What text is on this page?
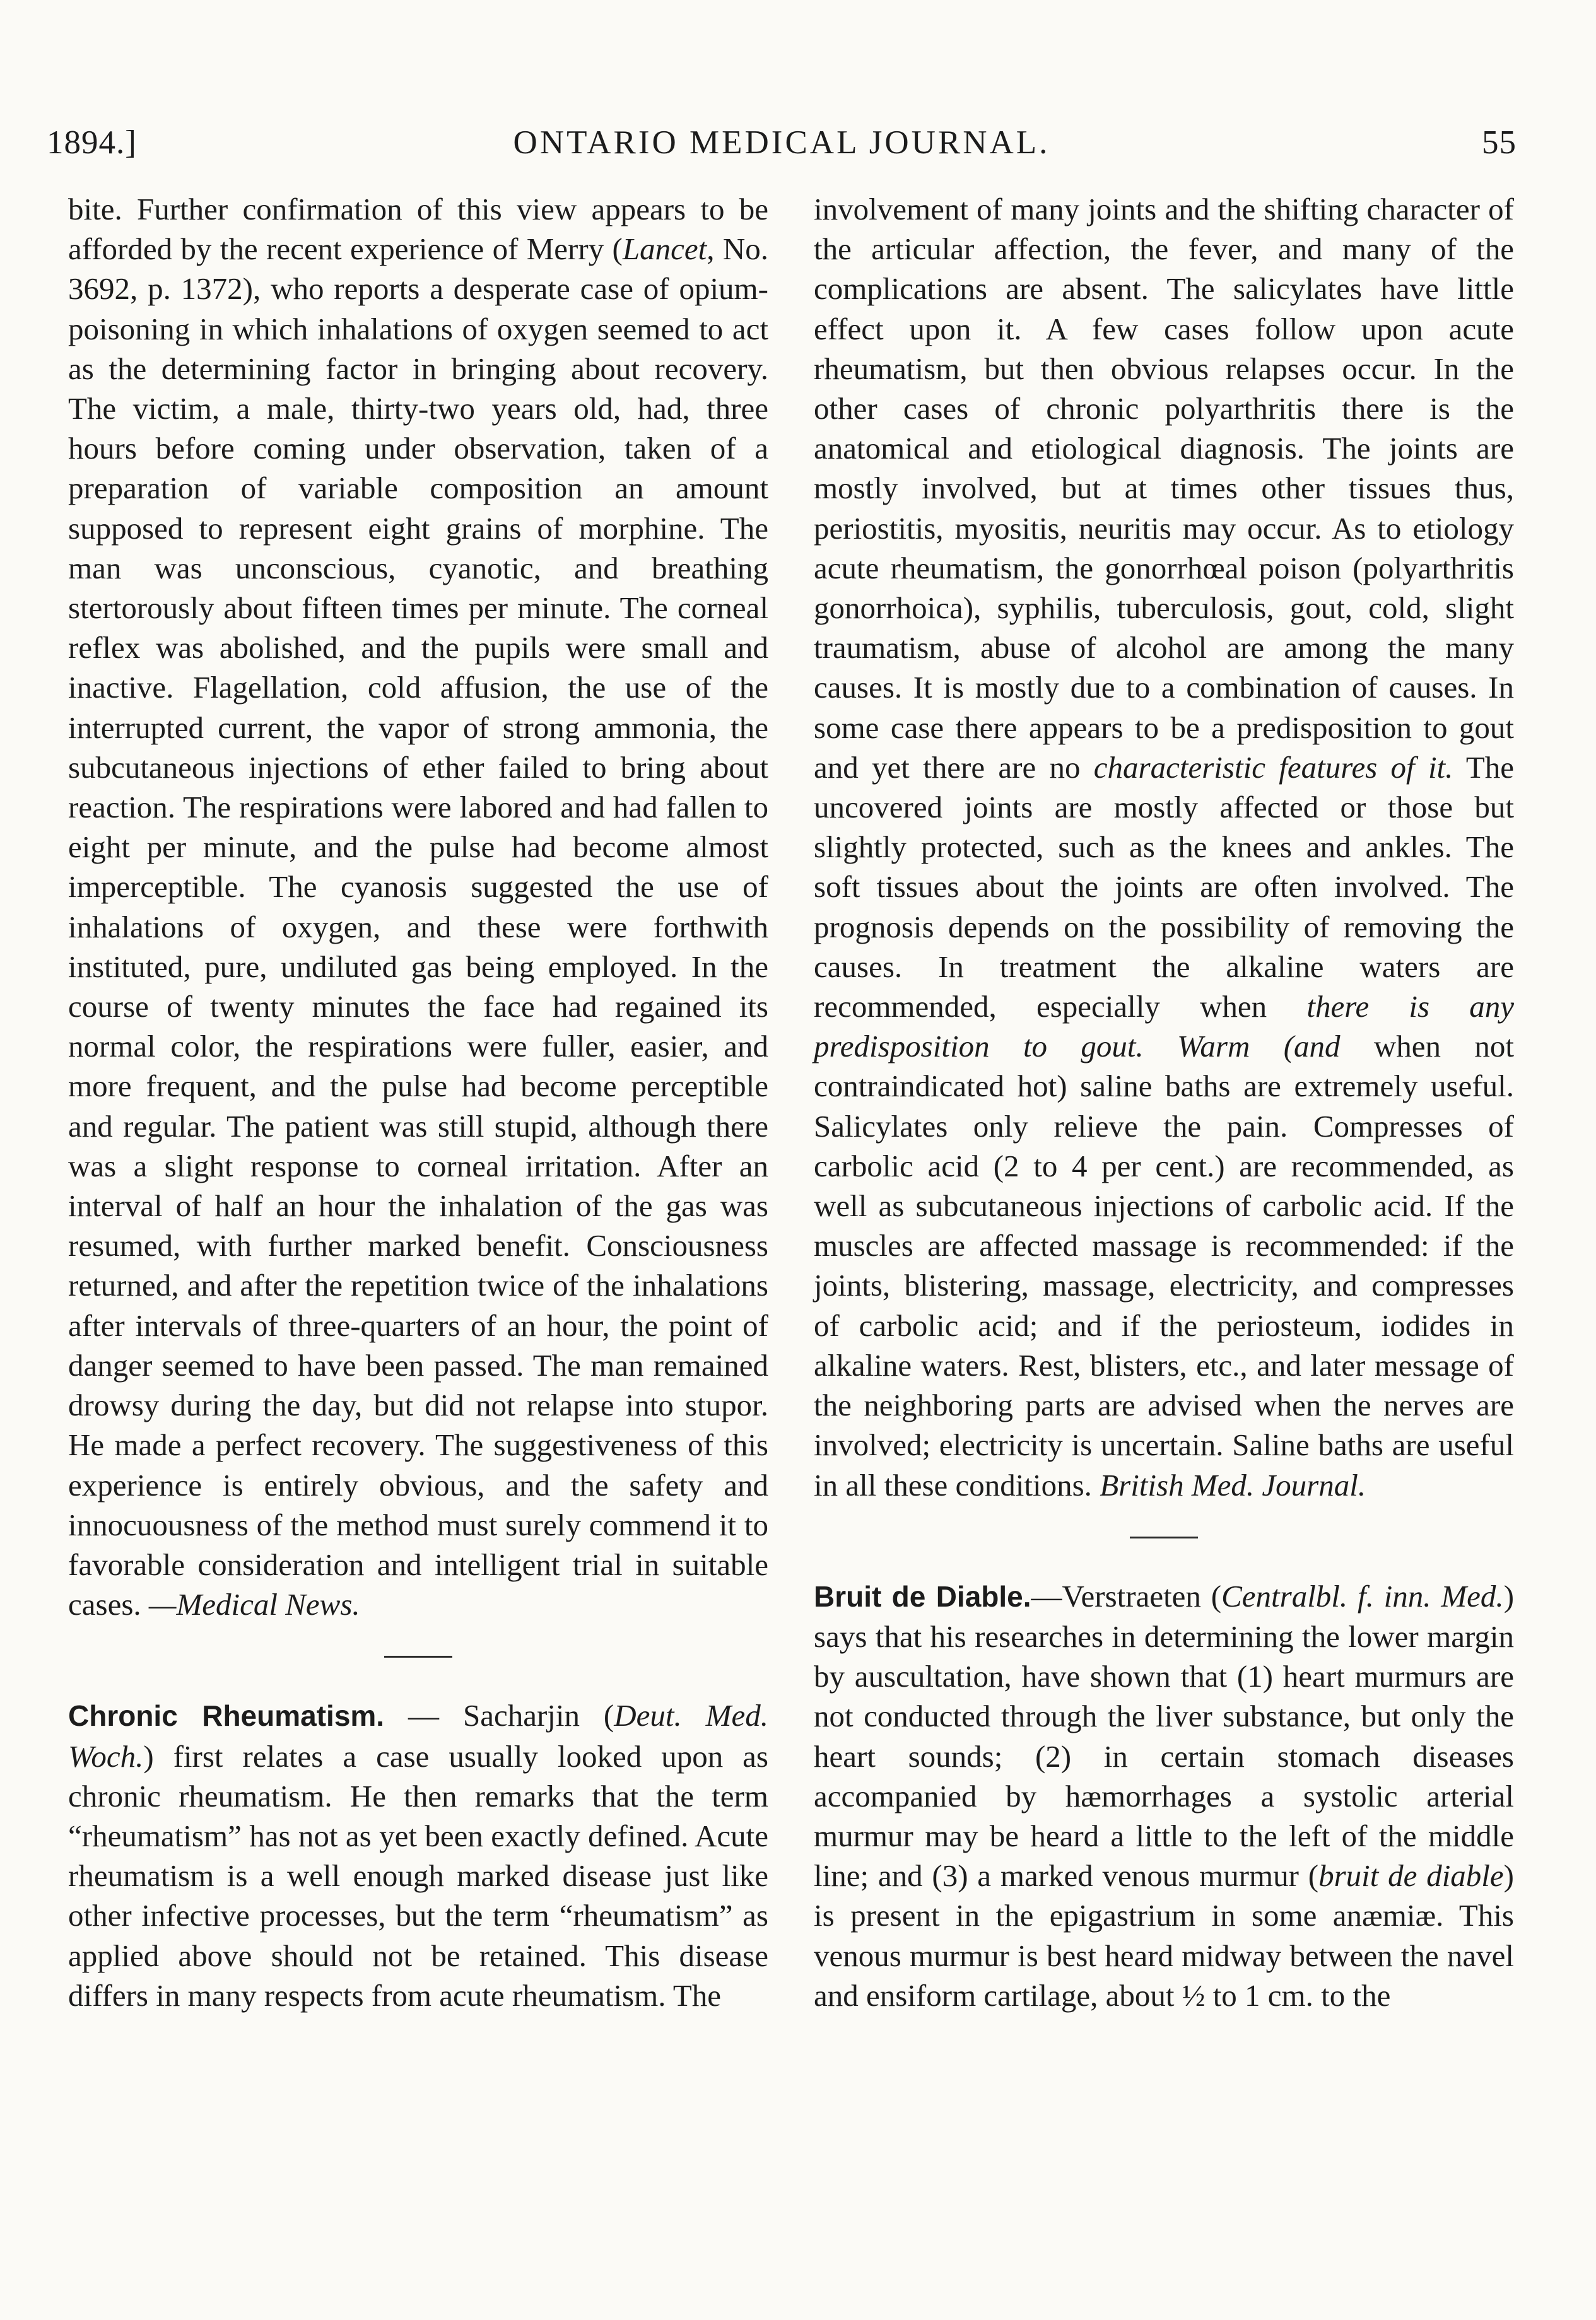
ONTARIO MEDICAL JOURNAL.
1894.]	55

bite. Further confirmation of this view appears to be afforded by the recent experience of Merry (Lancet, No. 3692, p. 1372), who reports a desperate case of opium-poisoning in which inhalations of oxygen seemed to act as the determining factor in bringing about recovery. The victim, a male, thirty-two years old, had, three hours before coming under observation, taken of a preparation of variable composition an amount supposed to represent eight grains of morphine. The man was unconscious, cyanotic, and breathing stertorously about fifteen times per minute. The corneal reflex was abolished, and the pupils were small and inactive. Flagellation, cold affusion, the use of the interrupted current, the vapor of strong ammonia, the subcutaneous injections of ether failed to bring about reaction. The respirations were labored and had fallen to eight per minute, and the pulse had become almost imperceptible. The cyanosis suggested the use of inhalations of oxygen, and these were forthwith instituted, pure, undiluted gas being employed. In the course of twenty minutes the face had regained its normal color, the respirations were fuller, easier, and more frequent, and the pulse had become perceptible and regular. The patient was still stupid, although there was a slight response to corneal irritation. After an interval of half an hour the inhalation of the gas was resumed, with further marked benefit. Consciousness returned, and after the repetition twice of the inhalations after intervals of three-quarters of an hour, the point of danger seemed to have been passed. The man remained drowsy during the day, but did not relapse into stupor. He made a perfect recovery. The suggestiveness of this experience is entirely obvious, and the safety and innocuousness of the method must surely commend it to favorable consideration and intelligent trial in suitable cases. —Medical News.

Chronic Rheumatism. — Sacharjin (Deut. Med. Woch.) first relates a case usually looked upon as chronic rheumatism. He then remarks that the term “rheumatism” has not as yet been exactly defined. Acute rheumatism is a well enough marked disease just like other infective processes, but the term “rheumatism” as applied above should not be retained. This disease differs in many respects from acute rheumatism. The

involvement of many joints and the shifting character of the articular affection, the fever, and many of the complications are absent. The salicylates have little effect upon it. A few cases follow upon acute rheumatism, but then obvious relapses occur. In the other cases of chronic polyarthritis there is the anatomical and etiological diagnosis. The joints are mostly involved, but at times other tissues thus, periostitis, myositis, neuritis may occur. As to etiology acute rheumatism, the gonorrhœal poison (polyarthritis gonorrhoica), syphilis, tuberculosis, gout, cold, slight traumatism, abuse of alcohol are among the many causes. It is mostly due to a combination of causes. In some case there appears to be a predisposition to gout and yet there are no characteristic features of it. The uncovered joints are mostly affected or those but slightly protected, such as the knees and ankles. The soft tissues about the joints are often involved. The prognosis depends on the possibility of removing the causes. In treatment the alkaline waters are recommended, especially when there is any predisposition to gout. Warm (and when not contraindicated hot) saline baths are extremely useful. Salicylates only relieve the pain. Compresses of carbolic acid (2 to 4 per cent.) are recommended, as well as subcutaneous injections of carbolic acid. If the muscles are affected massage is recommended: if the joints, blistering, massage, electricity, and compresses of carbolic acid; and if the periosteum, iodides in alkaline waters. Rest, blisters, etc., and later message of the neighboring parts are advised when the nerves are involved; electricity is uncertain. Saline baths are useful in all these conditions. British Med. Journal.

Bruit de Diable.—Verstraeten (Centralbl. f. inn. Med.) says that his researches in determining the lower margin by auscultation, have shown that (1) heart murmurs are not conducted through the liver substance, but only the heart sounds; (2) in certain stomach diseases accompanied by hæmorrhages a systolic arterial murmur may be heard a little to the left of the middle line; and (3) a marked venous murmur (bruit de diable) is present in the epigastrium in some anæmiæ. This venous murmur is best heard midway between the navel and ensiform cartilage, about ½ to 1 cm. to the
